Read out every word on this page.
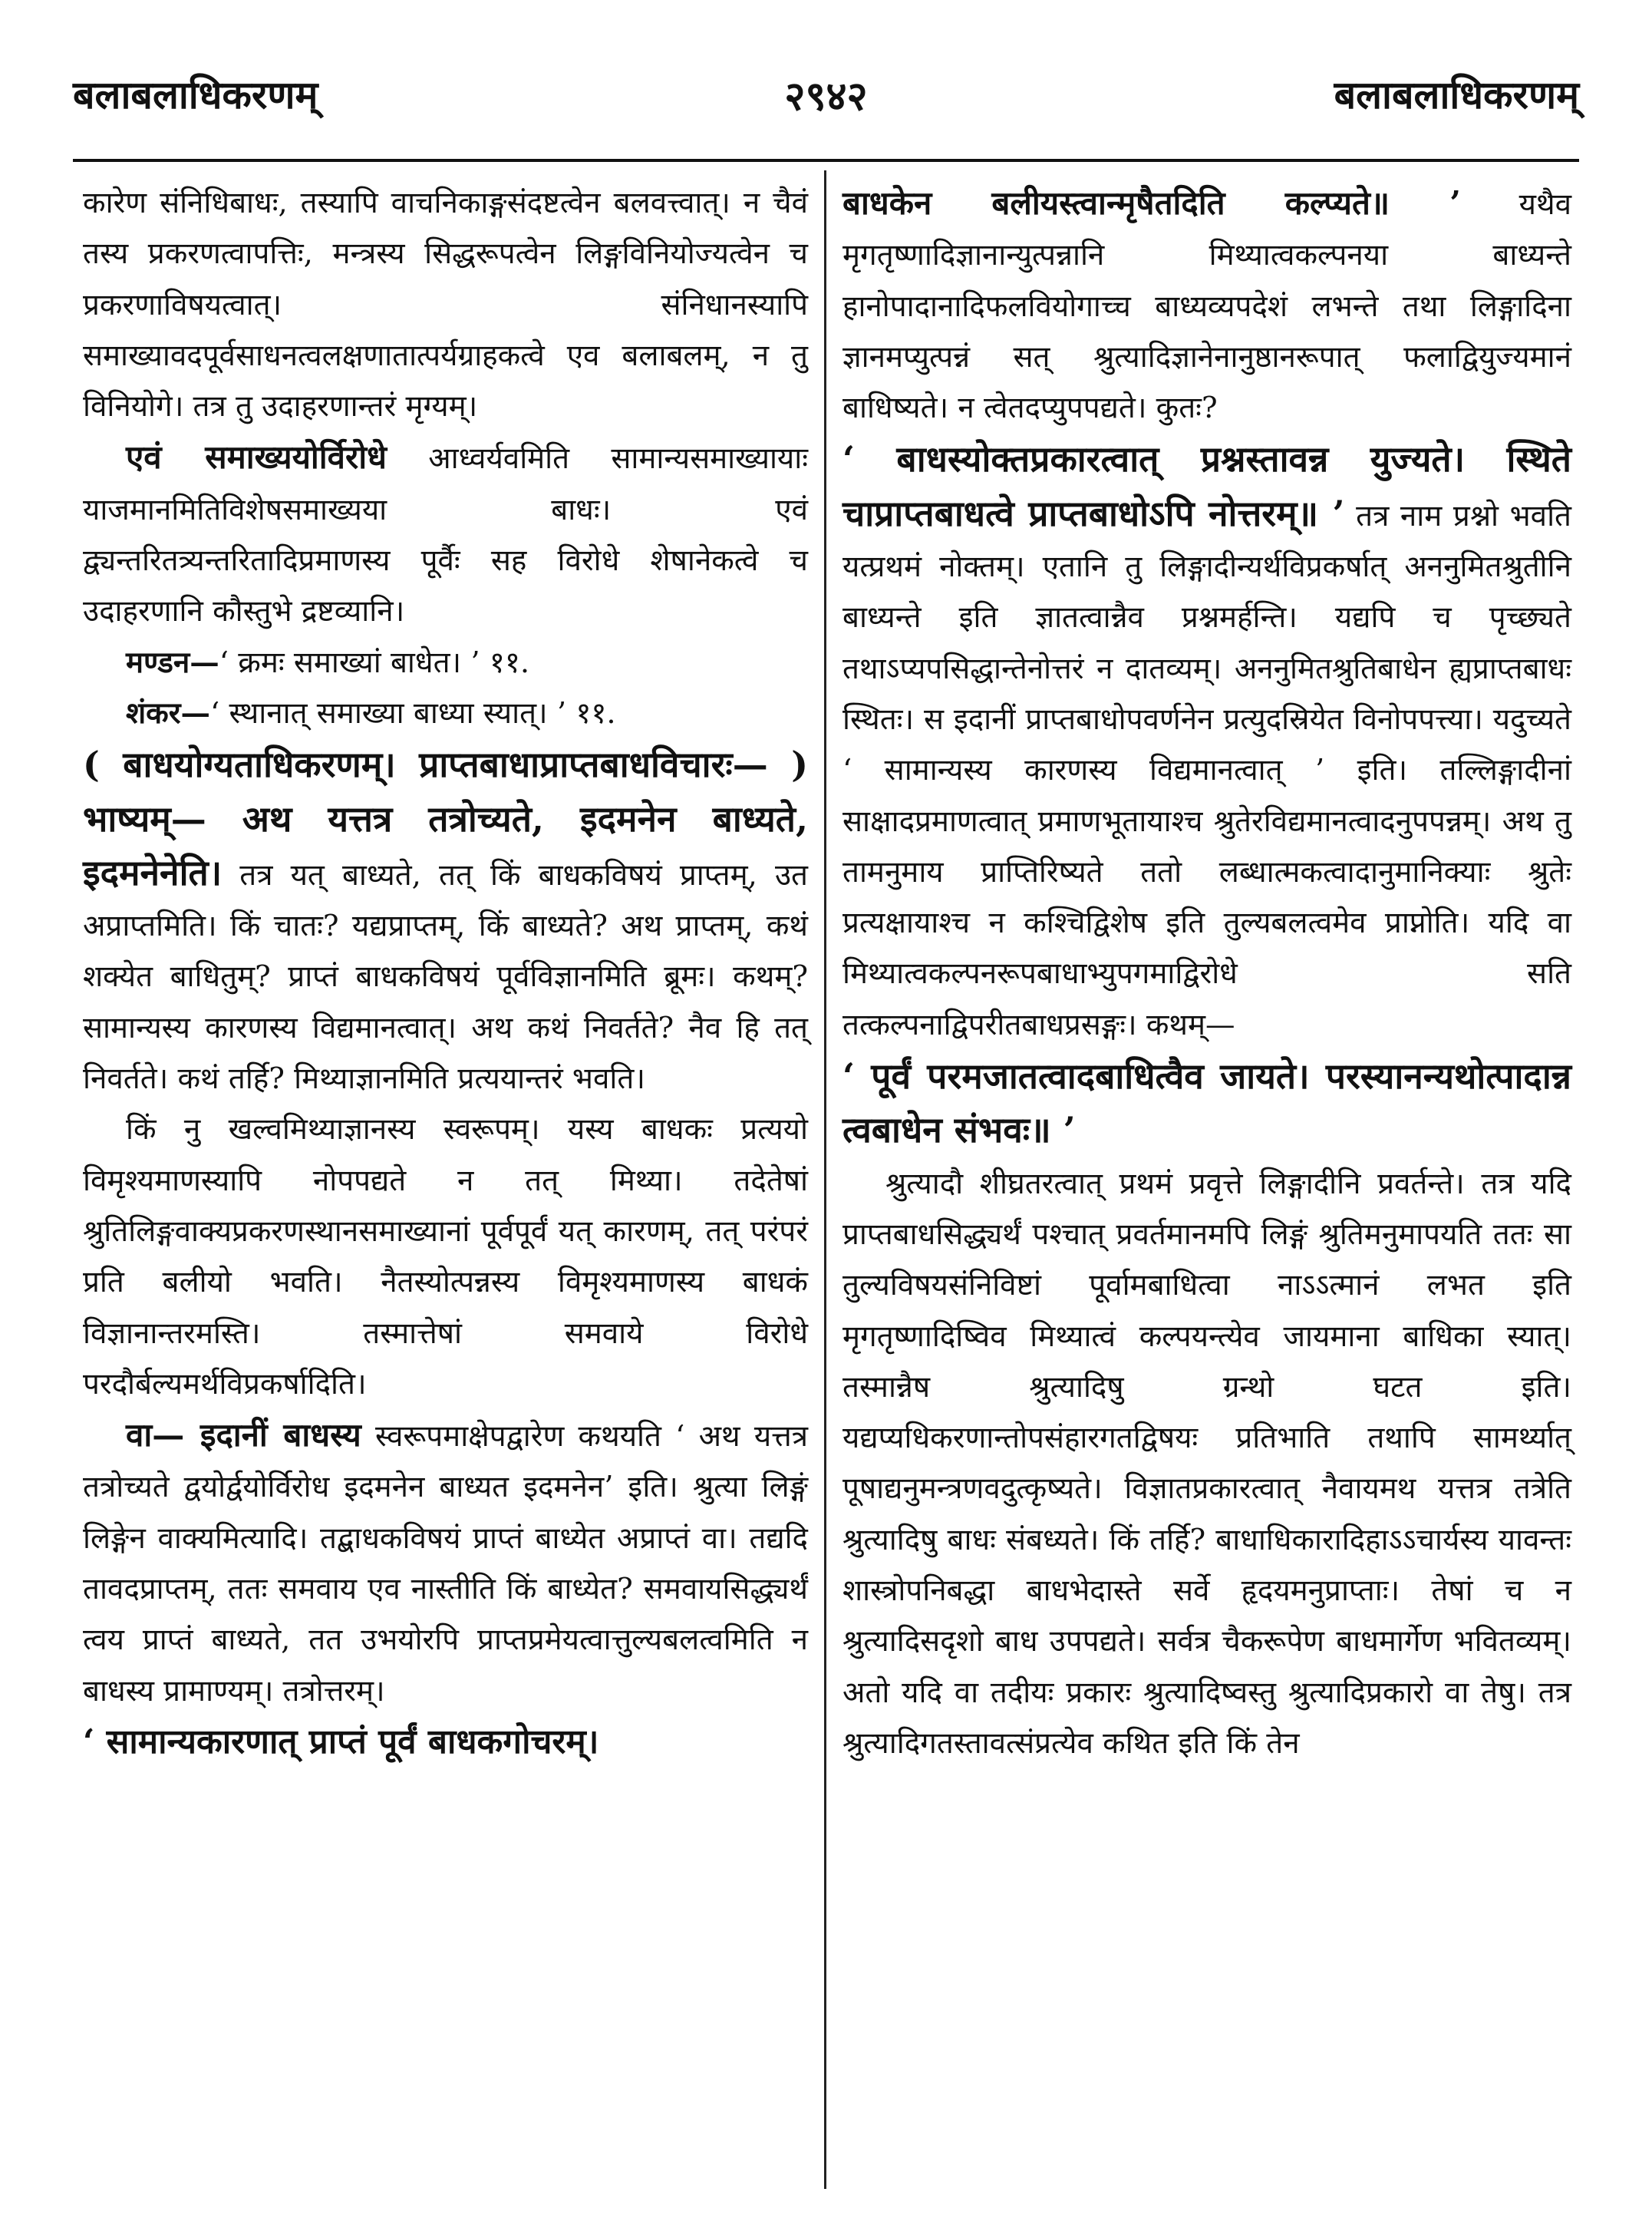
बलाबलाधिकरणम्	२९४२	बलाबलाधिकरणम्

कारेण संनिधिबाधः, तस्यापि वाचनिकाङ्गसंदष्टत्वेन बलवत्त्वात्। न चैवं तस्य प्रकरणत्वापत्तिः, मन्त्रस्य सिद्धरूपत्वेन लिङ्गविनियोज्यत्वेन च प्रकरणाविषयत्वात्। संनिधानस्यापि समाख्यावदपूर्वसाधनत्वलक्षणातात्पर्यग्राहकत्वे एव बलाबलम्, न तु विनियोगे। तत्र तु उदाहरणान्तरं मृग्यम्।

एवं समाख्ययोर्विरोधे आध्वर्यवमिति सामान्यसमाख्यायाः याजमानमितिविशेषसमाख्यया बाधः। एवं द्व्यन्तरितत्र्यन्तरितादिप्रमाणस्य पूर्वैः सह विरोधे शेषानेकत्वे च उदाहरणानि कौस्तुभे द्रष्टव्यानि।

मण्डन—‘ क्रमः समाख्यां बाधेत। ’ ११.

शंकर—‘ स्थानात् समाख्या बाध्या स्यात्। ’ ११.

( बाधयोग्यताधिकरणम्। प्राप्तबाधाप्राप्तबाधविचारः— ) भाष्यम्— अथ यत्तत्र तत्रोच्यते, इदमनेन बाध्यते, इदमनेनेति। तत्र यत् बाध्यते, तत् किं बाधकविषयं प्राप्तम्, उत अप्राप्तमिति। किं चातः? यद्यप्राप्तम्, किं बाध्यते? अथ प्राप्तम्, कथं शक्येत बाधितुम्? प्राप्तं बाधकविषयं पूर्वविज्ञानमिति ब्रूमः। कथम्? सामान्यस्य कारणस्य विद्यमानत्वात्। अथ कथं निवर्तते? नैव हि तत् निवर्तते। कथं तर्हि? मिथ्याज्ञानमिति प्रत्ययान्तरं भवति।

किं नु खल्वमिथ्याज्ञानस्य स्वरूपम्। यस्य बाधकः प्रत्ययो विमृश्यमाणस्यापि नोपपद्यते न तत् मिथ्या। तदेतेषां श्रुतिलिङ्गवाक्यप्रकरणस्थानसमाख्यानां पूर्वपूर्वं यत् कारणम्, तत् परंपरं प्रति बलीयो भवति। नैतस्योत्पन्नस्य विमृश्यमाणस्य बाधकं विज्ञानान्तरमस्ति। तस्मात्तेषां समवाये विरोधे परदौर्बल्यमर्थविप्रकर्षादिति।

वा— इदानीं बाधस्य स्वरूपमाक्षेपद्वारेण कथयति ‘ अथ यत्तत्र तत्रोच्यते द्वयोर्द्वयोर्विरोध इदमनेन बाध्यत इदमनेन’ इति। श्रुत्या लिङ्गं लिङ्गेन वाक्यमित्यादि। तद्बाधकविषयं प्राप्तं बाध्येत अप्राप्तं वा। तद्यदि तावदप्राप्तम्, ततः समवाय एव नास्तीति किं बाध्येत? समवायसिद्ध्यर्थं त्वय प्राप्तं बाध्यते, तत उभयोरपि प्राप्तप्रमेयत्वात्तुल्यबलत्वमिति न बाधस्य प्रामाण्यम्। तत्रोत्तरम्।

‘ सामान्यकारणात् प्राप्तं पूर्वं बाधकगोचरम्।

बाधकेन बलीयस्त्वान्मृषैतदिति कल्प्यते॥ ’ यथैव मृगतृष्णादिज्ञानान्युत्पन्नानि मिथ्यात्वकल्पनया बाध्यन्ते हानोपादानादिफलवियोगाच्च बाध्यव्यपदेशं लभन्ते तथा लिङ्गादिना ज्ञानमप्युत्पन्नं सत् श्रुत्यादिज्ञानेनानुष्ठानरूपात् फलाद्वियुज्यमानं बाधिष्यते। न त्वेतदप्युपपद्यते। कुतः?

‘ बाधस्योक्तप्रकारत्वात् प्रश्नस्तावन्न युज्यते। स्थिते चाप्राप्तबाधत्वे प्राप्तबाधोऽपि नोत्तरम्॥ ’ तत्र नाम प्रश्नो भवति यत्प्रथमं नोक्तम्। एतानि तु लिङ्गादीन्यर्थविप्रकर्षात् अननुमितश्रुतीनि बाध्यन्ते इति ज्ञातत्वान्नैव प्रश्नमर्हन्ति। यद्यपि च पृच्छ्यते तथाऽप्यपसिद्धान्तेनोत्तरं न दातव्यम्। अननुमितश्रुतिबाधेन ह्यप्राप्तबाधः स्थितः। स इदानीं प्राप्तबाधोपवर्णनेन प्रत्युदस्रियेत विनोपपत्त्या। यदुच्यते ‘ सामान्यस्य कारणस्य विद्यमानत्वात् ’ इति। तल्लिङ्गादीनां साक्षादप्रमाणत्वात् प्रमाणभूतायाश्च श्रुतेरविद्यमानत्वादनुपपन्नम्। अथ तु तामनुमाय प्राप्तिरिष्यते ततो लब्धात्मकत्वादानुमानिक्याः श्रुतेः प्रत्यक्षायाश्च न कश्चिद्विशेष इति तुल्यबलत्वमेव प्राप्नोति। यदि वा मिथ्यात्वकल्पनरूपबाधाभ्युपगमाद्विरोधे सति तत्कल्पनाद्विपरीतबाधप्रसङ्गः। कथम्—

‘ पूर्वं परमजातत्वादबाधित्वैव जायते। परस्यानन्यथोत्पादान्न त्वबाधेन संभवः॥ ’

श्रुत्यादौ शीघ्रतरत्वात् प्रथमं प्रवृत्ते लिङ्गादीनि प्रवर्तन्ते। तत्र यदि प्राप्तबाधसिद्ध्यर्थं पश्चात् प्रवर्तमानमपि लिङ्गं श्रुतिमनुमापयति ततः सा तुल्यविषयसंनिविष्टां पूर्वामबाधित्वा नाऽऽत्मानं लभत इति मृगतृष्णादिष्विव मिथ्यात्वं कल्पयन्त्येव जायमाना बाधिका स्यात्। तस्मान्नैष श्रुत्यादिषु ग्रन्थो घटत इति। यद्यप्यधिकरणान्तोपसंहारगतद्विषयः प्रतिभाति तथापि सामर्थ्यात् पूषाद्यनुमन्त्रणवदुत्कृष्यते। विज्ञातप्रकारत्वात् नैवायमथ यत्तत्र तत्रेति श्रुत्यादिषु बाधः संबध्यते। किं तर्हि? बाधाधिकारादिहाऽऽचार्यस्य यावन्तः शास्त्रोपनिबद्धा बाधभेदास्ते सर्वे हृदयमनुप्राप्ताः। तेषां च न श्रुत्यादिसदृशो बाध उपपद्यते। सर्वत्र चैकरूपेण बाधमार्गेण भवितव्यम्। अतो यदि वा तदीयः प्रकारः श्रुत्यादिष्वस्तु श्रुत्यादिप्रकारो वा तेषु। तत्र श्रुत्यादिगतस्तावत्संप्रत्येव कथित इति किं तेन
